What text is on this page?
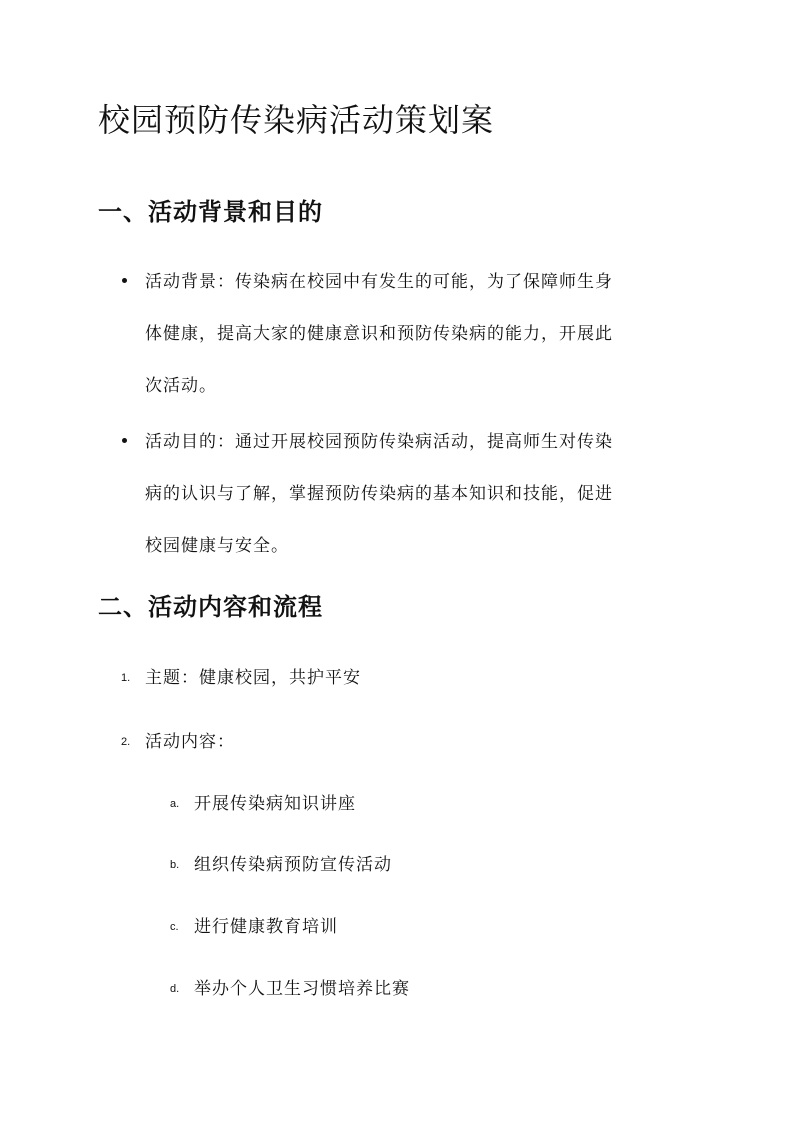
校园预防传染病活动策划案
一、活动背景和目的
活动背景：传染病在校园中有发生的可能，为了保障师生身
体健康，提高大家的健康意识和预防传染病的能力，开展此
次活动。
活动目的：通过开展校园预防传染病活动，提高师生对传染
病的认识与了解，掌握预防传染病的基本知识和技能，促进
校园健康与安全。
二、活动内容和流程
1. 主题：健康校园，共护平安
2. 活动内容：
a. 开展传染病知识讲座
b. 组织传染病预防宣传活动
c. 进行健康教育培训
d. 举办个人卫生习惯培养比赛
